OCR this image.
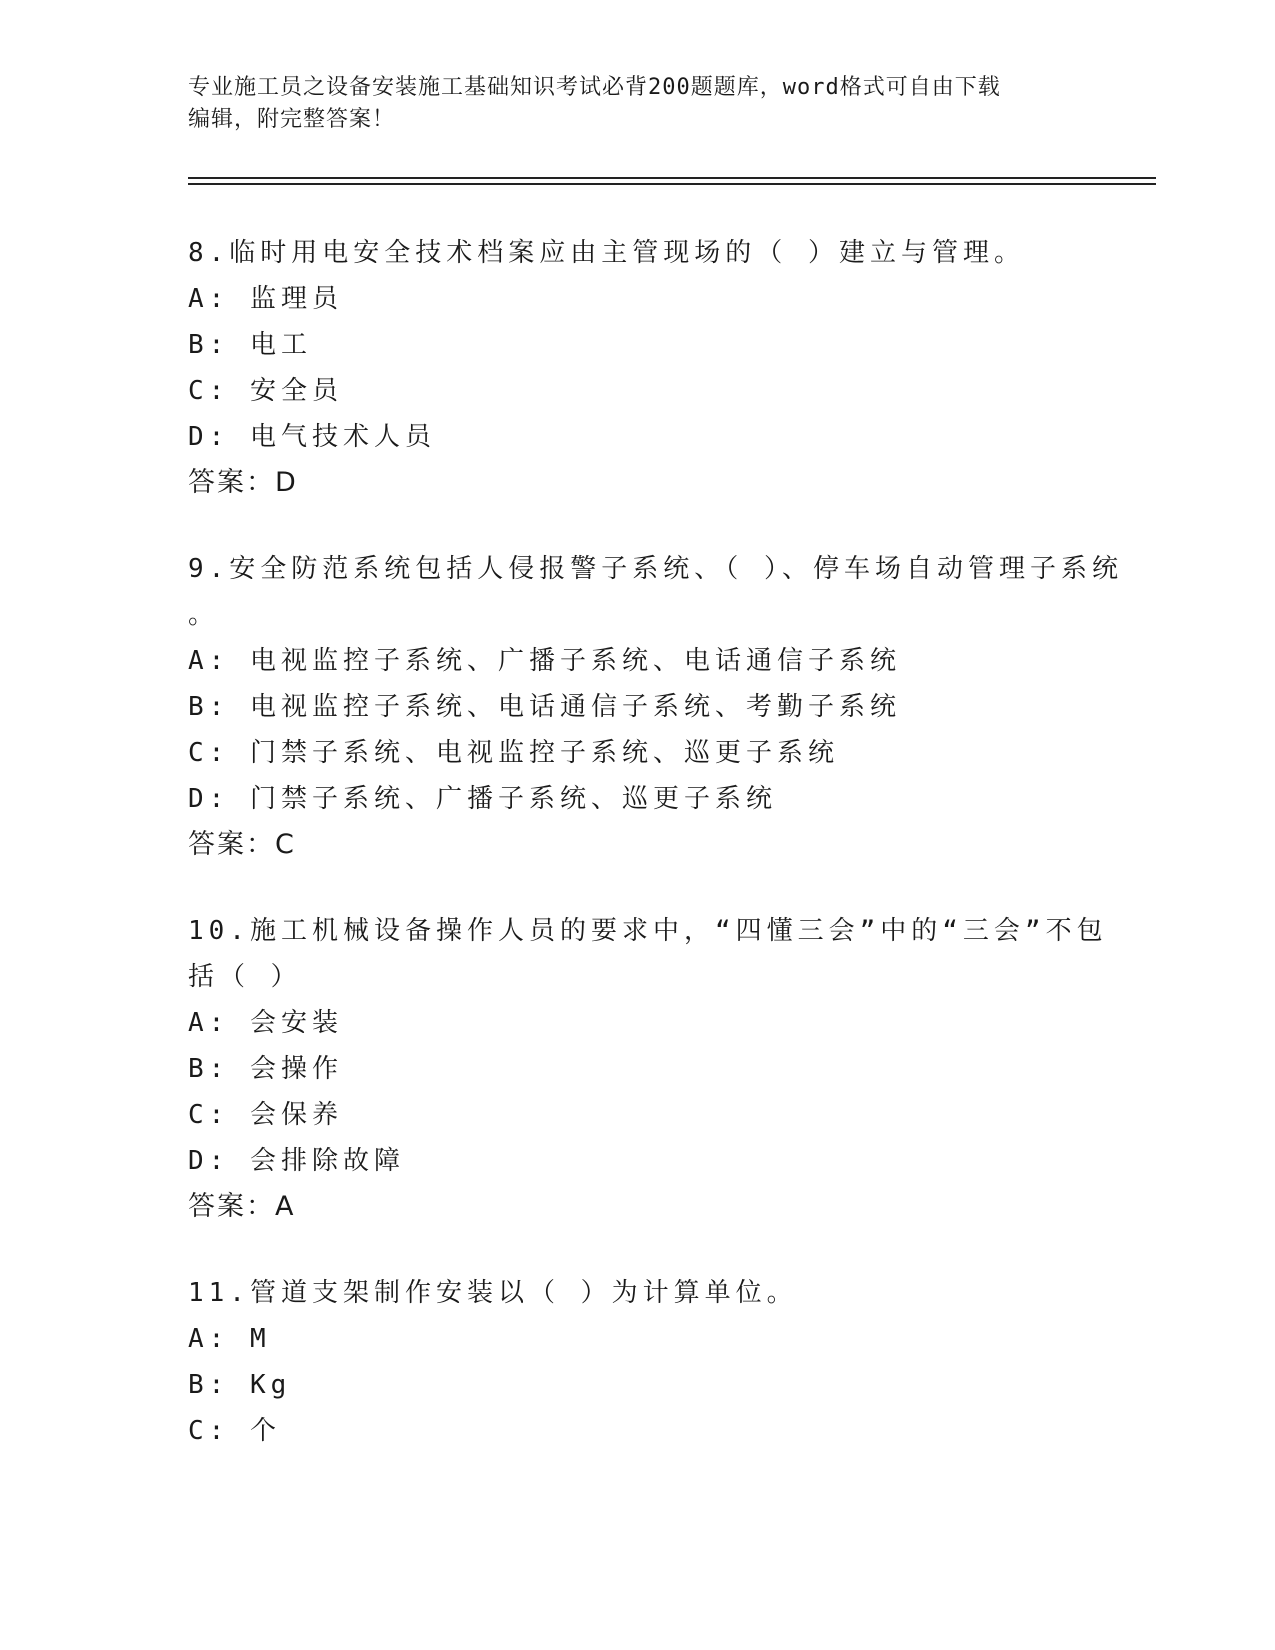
专业施工员之设备安装施工基础知识考试必背200题题库，word格式可自由下载
编辑，附完整答案！
8.临时用电安全技术档案应由主管现场的（ ）建立与管理。
A: 监理员
B: 电工
C: 安全员
D: 电气技术人员
答案：D
9.安全防范系统包括人侵报警子系统、（ ）、停车场自动管理子系统
。
A: 电视监控子系统、广播子系统、电话通信子系统
B: 电视监控子系统、电话通信子系统、考勤子系统
C: 门禁子系统、电视监控子系统、巡更子系统
D: 门禁子系统、广播子系统、巡更子系统
答案：C
10.施工机械设备操作人员的要求中，“四懂三会”中的“三会”不包
括（ ）
A: 会安装
B: 会操作
C: 会保养
D: 会排除故障
答案：A
11.管道支架制作安装以（ ）为计算单位。
A: M
B: Kg
C: 个
